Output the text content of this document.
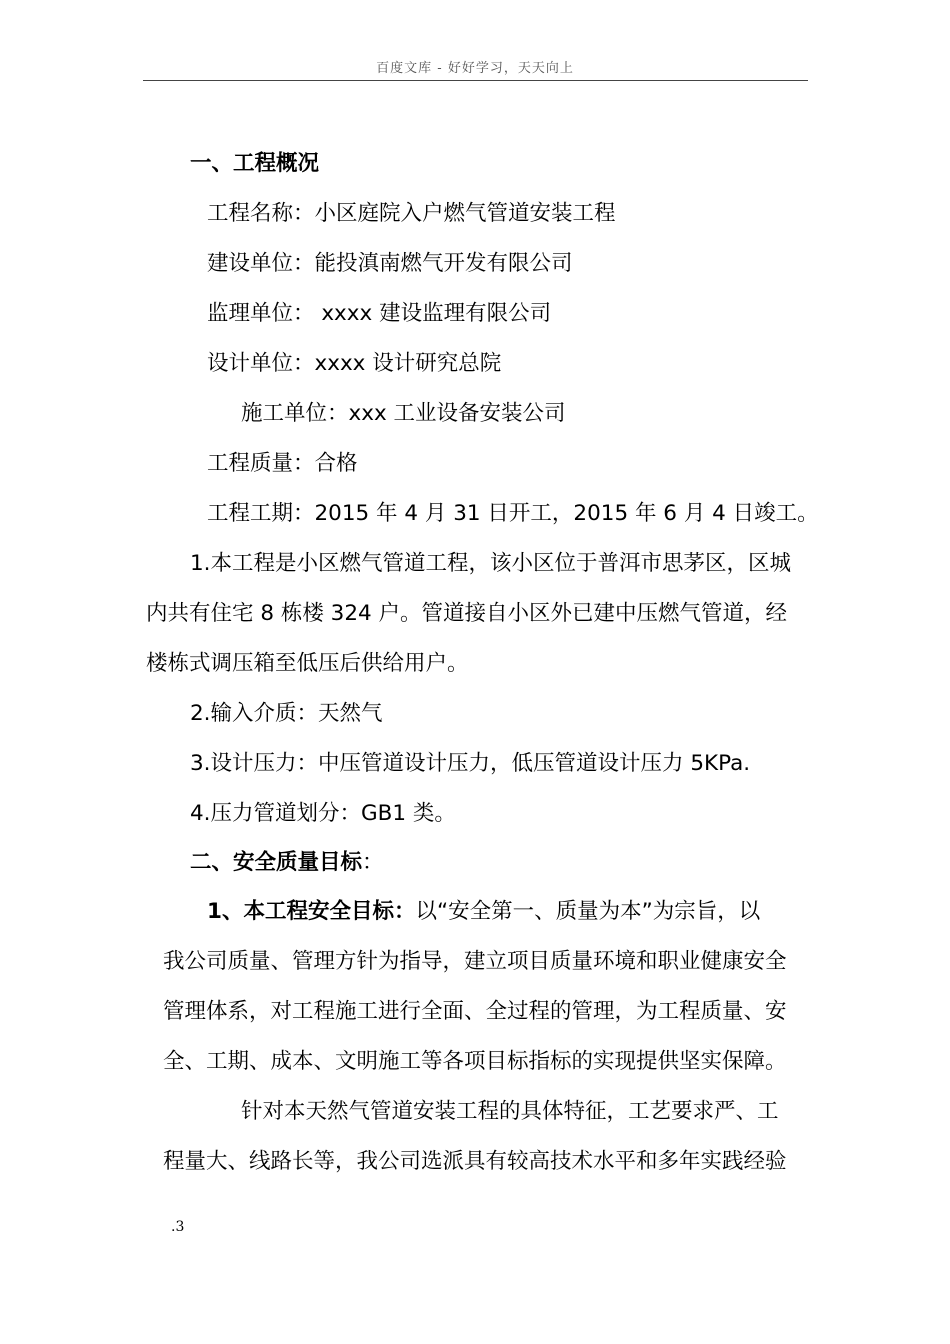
百度文库 - 好好学习，天天向上
一、工程概况
工程名称：小区庭院入户燃气管道安装工程
建设单位：能投滇南燃气开发有限公司
监理单位： xxxx 建设监理有限公司
设计单位：xxxx 设计研究总院
施工单位：xxx 工业设备安装公司
工程质量：合格
工程工期：2015 年 4 月 31 日开工，2015 年 6 月 4 日竣工。
1.本工程是小区燃气管道工程，该小区位于普洱市思茅区，区城
内共有住宅 8 栋楼 324 户。管道接自小区外已建中压燃气管道，经
楼栋式调压箱至低压后供给用户。
2.输入介质：天然气
3.设计压力：中压管道设计压力，低压管道设计压力 5KPa.
4.压力管道划分：GB1 类。
二、安全质量目标：
1、本工程安全目标：以“安全第一、质量为本”为宗旨，以
我公司质量、管理方针为指导，建立项目质量环境和职业健康安全
管理体系，对工程施工进行全面、全过程的管理，为工程质量、安
全、工期、成本、文明施工等各项目标指标的实现提供坚实保障。
针对本天然气管道安装工程的具体特征，工艺要求严、工
程量大、线路长等，我公司选派具有较高技术水平和多年实践经验
.3
